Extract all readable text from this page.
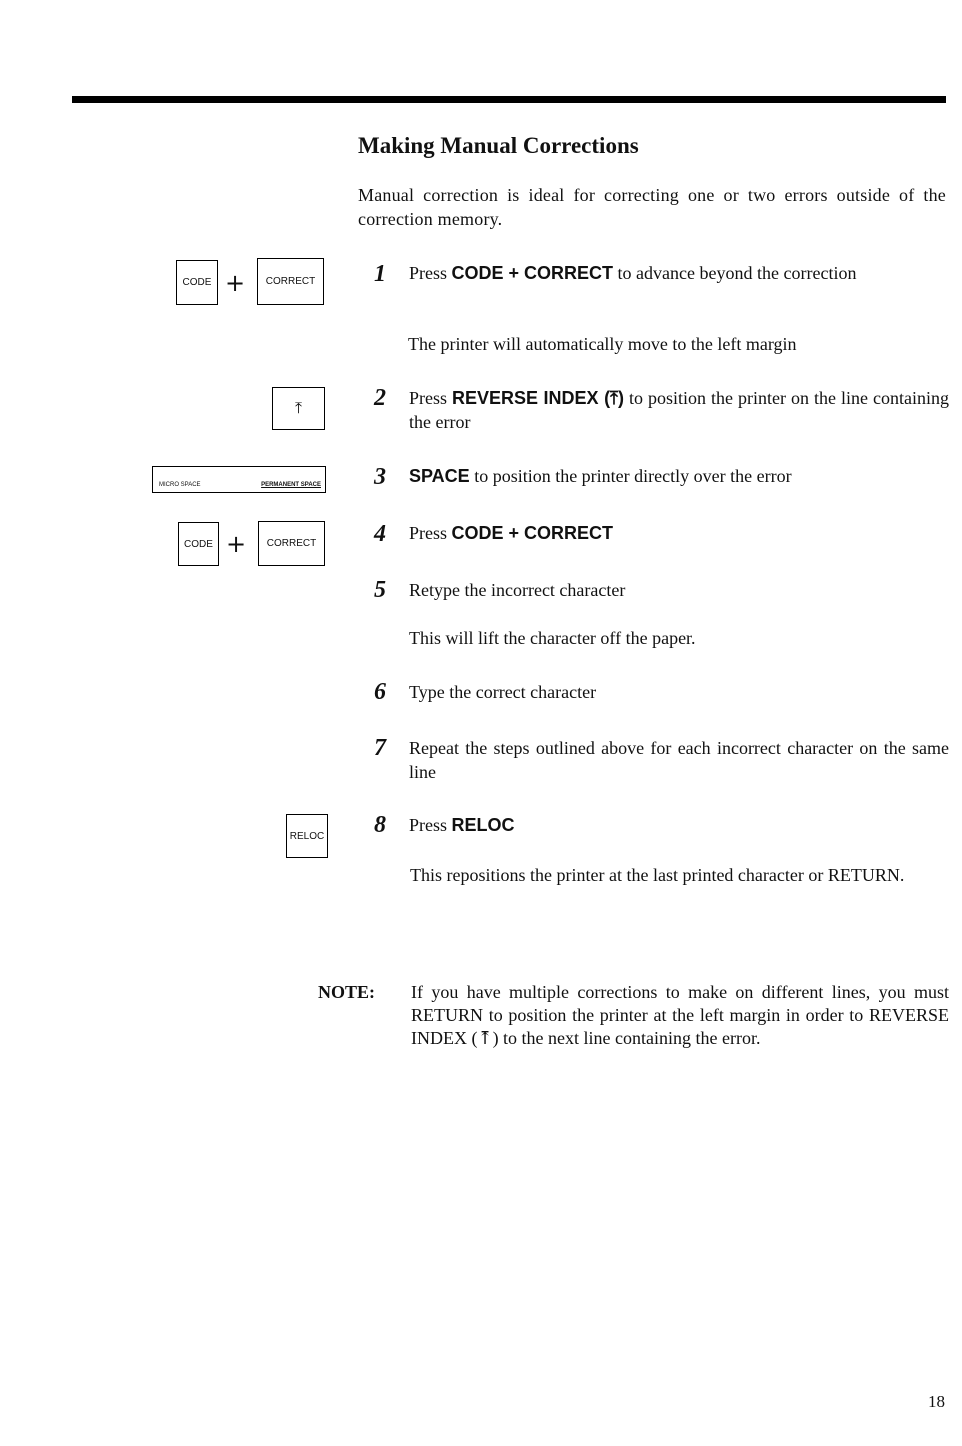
Making Manual Corrections

Manual correction is ideal for correcting one or two errors outside of the correction memory.

CODE + CORRECT
⤒
MICRO SPACE	PERMANENT SPACE
CODE + CORRECT
RELOC
1 Press CODE + CORRECT to advance beyond the correction
The printer will automatically move to the left margin
2 Press REVERSE INDEX (⤒) to position the printer on the line containing the error
3 SPACE to position the printer directly over the error
4 Press CODE + CORRECT
5 Retype the incorrect character
This will lift the character off the paper.
6 Type the correct character
7 Repeat the steps outlined above for each incorrect character on the same line
8 Press RELOC
This repositions the printer at the last printed character or RETURN.
NOTE: If you have multiple corrections to make on different lines, you must RETURN to position the printer at the left margin in order to REVERSE INDEX (⤒) to the next line containing the error.
18
